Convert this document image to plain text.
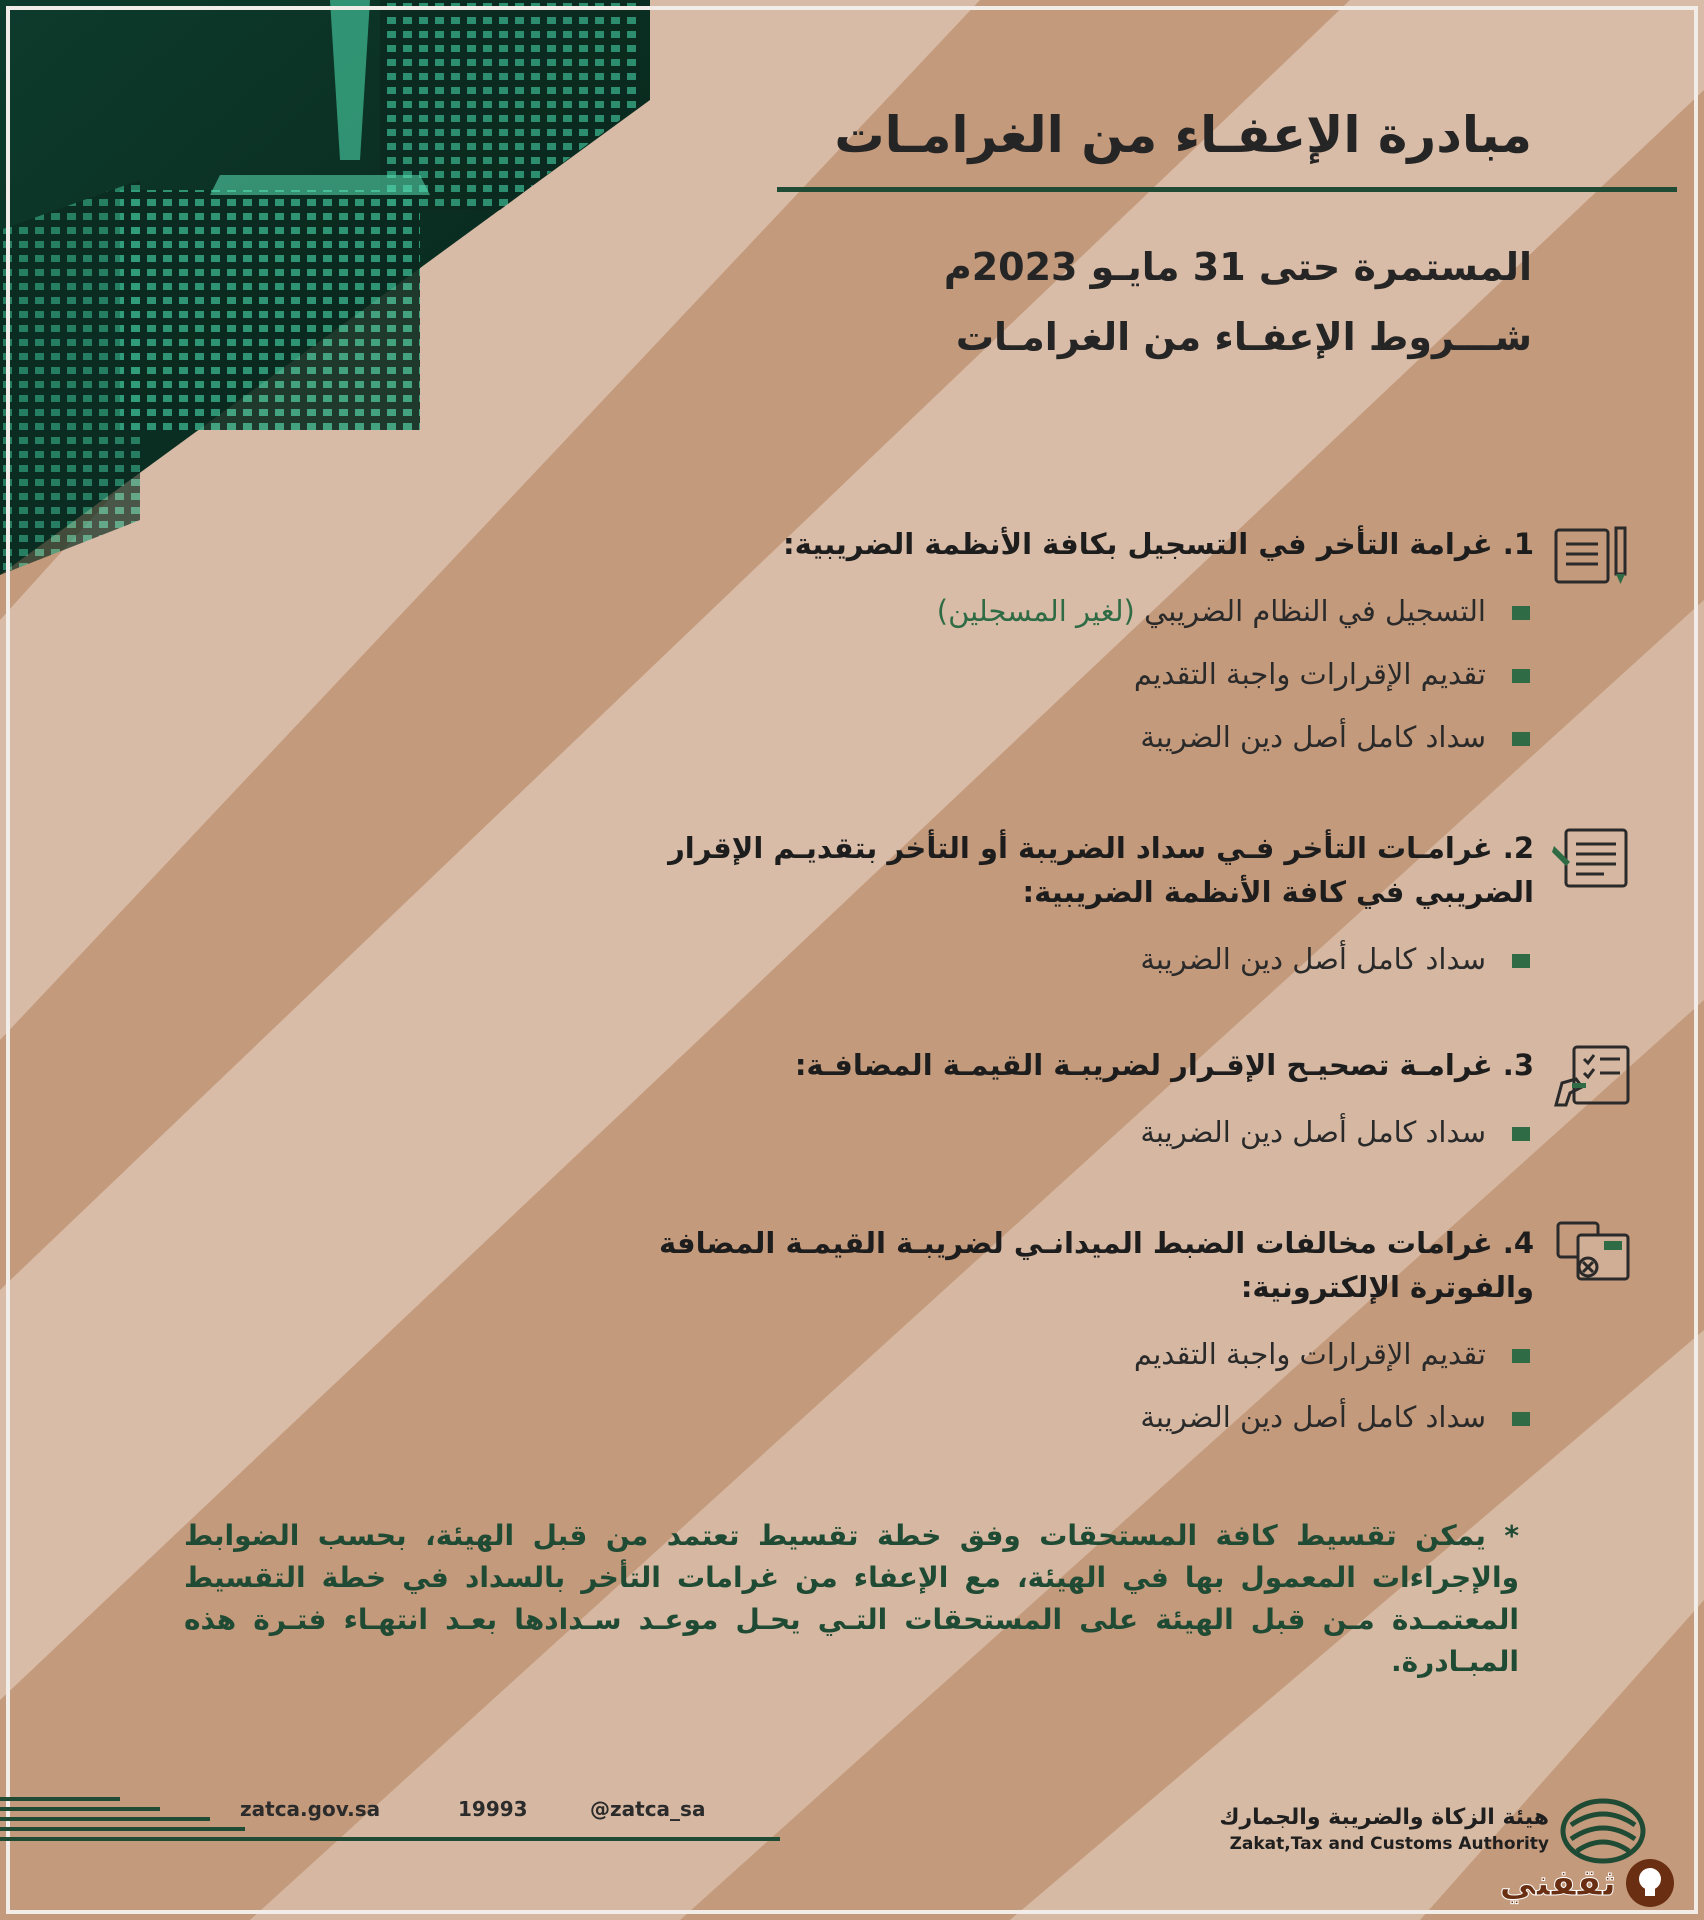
مبادرة الإعفـاء من الغرامـات
المستمرة حتى 31 مايـو 2023م
شـــروط الإعفـاء من الغرامـات
1. غرامة التأخر في التسجيل بكافة الأنظمة الضريبية:
التسجيل في النظام الضريبي (لغير المسجلين)
تقديم الإقرارات واجبة التقديم
سداد كامل أصل دين الضريبة
2. غرامـات التأخر فـي سداد الضريبة أو التأخر بتقديـم الإقرار الضريبي في كافة الأنظمة الضريبية:
سداد كامل أصل دين الضريبة
3. غرامـة تصحيـح الإقـرار لضريبـة القيمـة المضافـة:
سداد كامل أصل دين الضريبة
4. غرامات مخالفات الضبط الميدانـي لضريبـة القيمـة المضافة والفوترة الإلكترونية:
تقديم الإقرارات واجبة التقديم
سداد كامل أصل دين الضريبة

* يمكن تقسيط كافة المستحقات وفق خطة تقسيط تعتمد من قبل الهيئة، بحسب الضوابط والإجراءات المعمول بها في الهيئة، مع الإعفاء من غرامات التأخر بالسداد في خطة التقسيط المعتمـدة مـن قبل الهيئة على المستحقات التـي يحـل موعـد سـدادها بعـد انتهـاء فتـرة هذه المبـادرة.

zatca.gov.sa	19993	@zatca_sa	هيئة الزكاة والضريبة والجمارك
Zakat,Tax and Customs Authority
ثقفني
